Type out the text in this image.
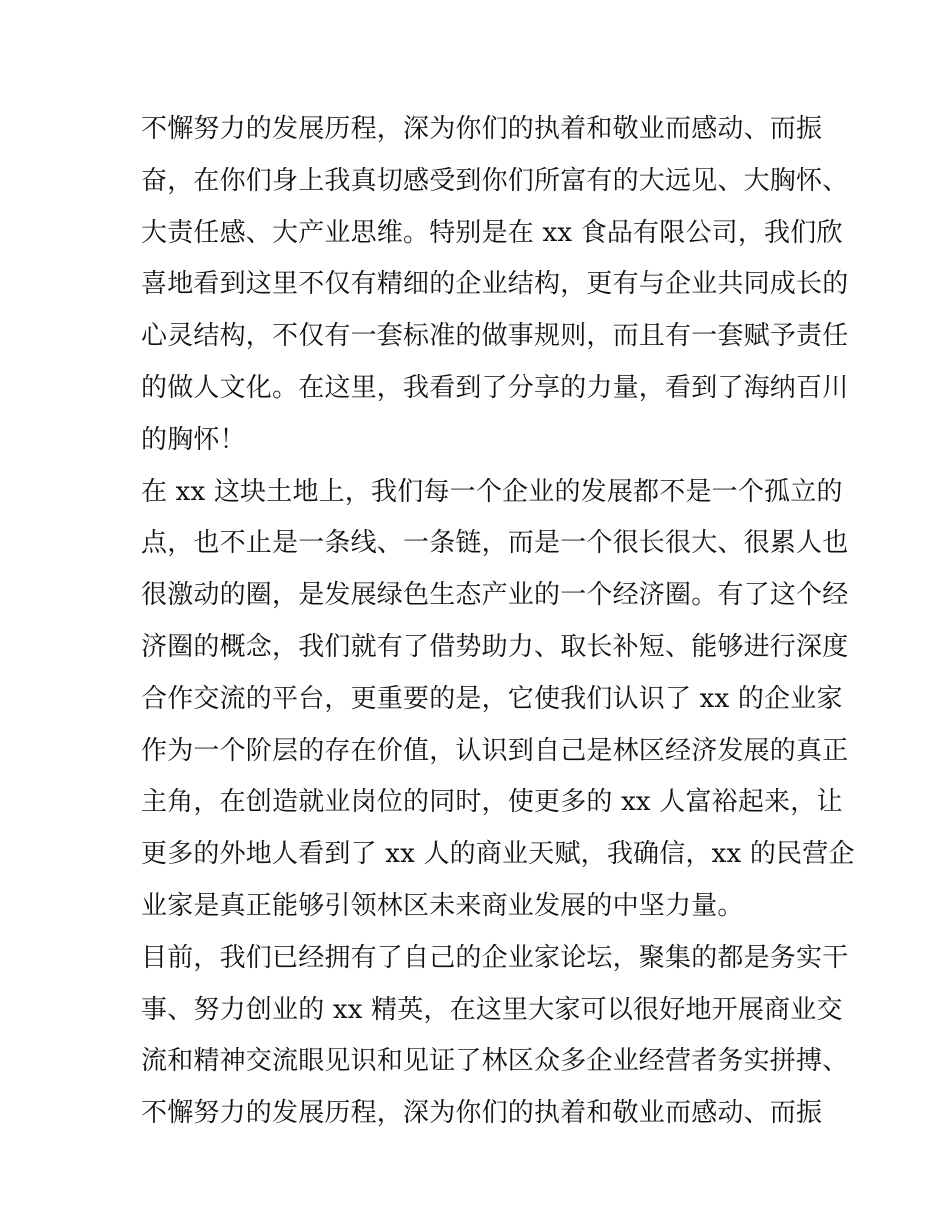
不懈努力的发展历程，深为你们的执着和敬业而感动、而振
奋，在你们身上我真切感受到你们所富有的大远见、大胸怀、
大责任感、大产业思维。特别是在 xx 食品有限公司，我们欣
喜地看到这里不仅有精细的企业结构，更有与企业共同成长的
心灵结构，不仅有一套标准的做事规则，而且有一套赋予责任
的做人文化。在这里，我看到了分享的力量，看到了海纳百川
的胸怀！
在 xx 这块土地上，我们每一个企业的发展都不是一个孤立的
点，也不止是一条线、一条链，而是一个很长很大、很累人也
很激动的圈，是发展绿色生态产业的一个经济圈。有了这个经
济圈的概念，我们就有了借势助力、取长补短、能够进行深度
合作交流的平台，更重要的是，它使我们认识了 xx 的企业家
作为一个阶层的存在价值，认识到自己是林区经济发展的真正
主角，在创造就业岗位的同时，使更多的 xx 人富裕起来，让
更多的外地人看到了 xx 人的商业天赋，我确信，xx 的民营企
业家是真正能够引领林区未来商业发展的中坚力量。
目前，我们已经拥有了自己的企业家论坛，聚集的都是务实干
事、努力创业的 xx 精英，在这里大家可以很好地开展商业交
流和精神交流眼见识和见证了林区众多企业经营者务实拼搏、
不懈努力的发展历程，深为你们的执着和敬业而感动、而振
